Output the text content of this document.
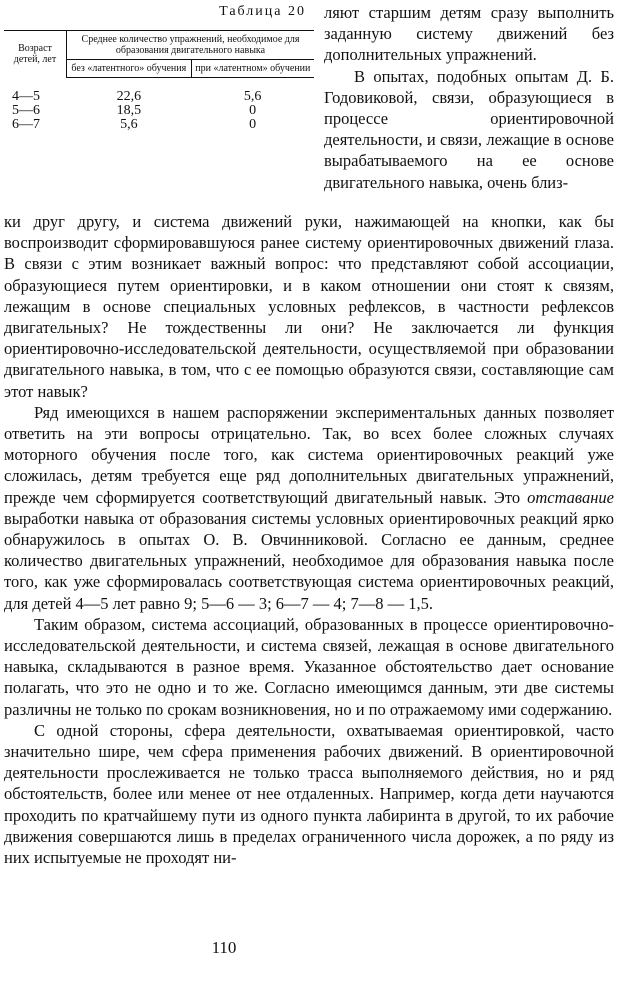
Таблица 20
Возраст детей, лет	Среднее количество упражнений, необходимое для образования двигательного навыка	
	без «латентного» обучения	при «латентном» обучении
4—5	22,6	5,6
5—6	18,5	0
6—7	5,6	0

ляют старшим детям сразу выполнить заданную систему движений без дополнительных упражнений.

В опытах, подобных опытам Д. Б. Годовиковой, связи, образующиеся в процессе ориентировочной деятельности, и связи, лежащие в основе вырабатываемого на ее основе двигательного навыка, очень близ-

ки друг другу, и система движений руки, нажимающей на кнопки, как бы воспроизводит сформировавшуюся ранее систему ориентировочных движений глаза. В связи с этим возникает важный вопрос: что представляют собой ассоциации, образующиеся путем ориентировки, и в каком отношении они стоят к связям, лежащим в основе специальных условных рефлексов, в частности рефлексов двигательных? Не тождественны ли они? Не заключается ли функция ориентировочно-исследовательской деятельности, осуществляемой при образовании двигательного навыка, в том, что с ее помощью образуются связи, составляющие сам этот навык?

Ряд имеющихся в нашем распоряжении экспериментальных данных позволяет ответить на эти вопросы отрицательно. Так, во всех более сложных случаях моторного обучения после того, как система ориентировочных реакций уже сложилась, детям требуется еще ряд дополнительных двигательных упражнений, прежде чем сформируется соответствующий двигательный навык. Это отставание выработки навыка от образования системы условных ориентировочных реакций ярко обнаружилось в опытах О. В. Овчинниковой. Согласно ее данным, среднее количество двигательных упражнений, необходимое для образования навыка после того, как уже сформировалась соответствующая система ориентировочных реакций, для детей 4—5 лет равно 9; 5—6 — 3; 6—7 — 4; 7—8 — 1,5.

Таким образом, система ассоциаций, образованных в процессе ориентировочно-исследовательской деятельности, и система связей, лежащая в основе двигательного навыка, складываются в разное время. Указанное обстоятельство дает основание полагать, что это не одно и то же. Согласно имеющимся данным, эти две системы различны не только по срокам возникновения, но и по отражаемому ими содержанию.

С одной стороны, сфера деятельности, охватываемая ориентировкой, часто значительно шире, чем сфера применения рабочих движений. В ориентировочной деятельности прослеживается не только трасса выполняемого действия, но и ряд обстоятельств, более или менее от нее отдаленных. Например, когда дети научаются проходить по кратчайшему пути из одного пункта лабиринта в другой, то их рабочие движения совершаются лишь в пределах ограниченного числа дорожек, а по ряду из них испытуемые не проходят ни-

110
